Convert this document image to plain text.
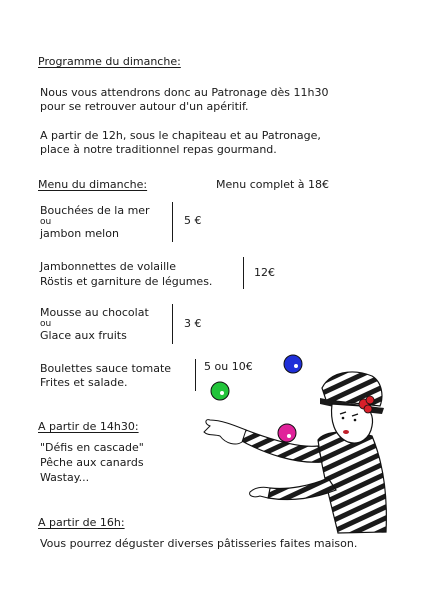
Programme du dimanche:
Nous vous attendrons donc au Patronage dès 11h30
pour se retrouver autour d'un apéritif.
A partir de 12h, sous le chapiteau et au Patronage,
place à notre traditionnel repas gourmand.
Menu du dimanche:	Menu complet à 18€
Bouchées de la mer
ou
jambon melon
5 €
Jambonnettes de volaille
Röstis et garniture de légumes.
12€
Mousse au chocolat
ou
Glace aux fruits
3 €
Boulettes sauce tomate
Frites et salade.
5 ou 10€
A partir de 14h30:
"Défis en cascade"
Pêche aux canards
Wastay...
A partir de 16h:
Vous pourrez déguster diverses pâtisseries faites maison.
